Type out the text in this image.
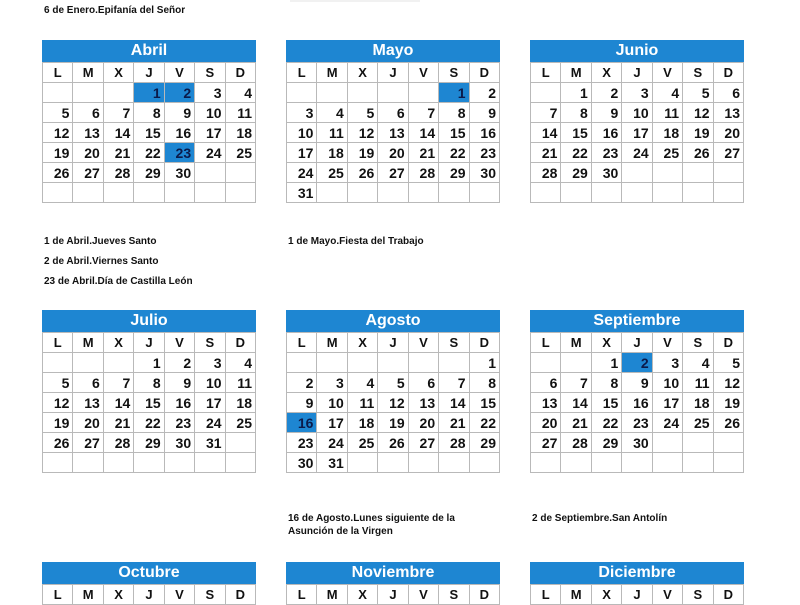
6 de Enero.Epifanía del Señor
Abril
L	M	X	J	V	S	D
			1	2	3	4
5	6	7	8	9	10	11
12	13	14	15	16	17	18
19	20	21	22	23	24	25
26	27	28	29	30		

Mayo
L	M	X	J	V	S	D
					1	2
3	4	5	6	7	8	9
10	11	12	13	14	15	16
17	18	19	20	21	22	23
24	25	26	27	28	29	30
31						
Junio
L	M	X	J	V	S	D
	1	2	3	4	5	6
7	8	9	10	11	12	13
14	15	16	17	18	19	20
21	22	23	24	25	26	27
28	29	30				

1 de Abril.Jueves Santo
2 de Abril.Viernes Santo
23 de Abril.Día de Castilla León
1 de Mayo.Fiesta del Trabajo
Julio
L	M	X	J	V	S	D
			1	2	3	4
5	6	7	8	9	10	11
12	13	14	15	16	17	18
19	20	21	22	23	24	25
26	27	28	29	30	31	

Agosto
L	M	X	J	V	S	D
						1
2	3	4	5	6	7	8
9	10	11	12	13	14	15
16	17	18	19	20	21	22
23	24	25	26	27	28	29
30	31					
Septiembre
L	M	X	J	V	S	D
		1	2	3	4	5
6	7	8	9	10	11	12
13	14	15	16	17	18	19
20	21	22	23	24	25	26
27	28	29	30			

16 de Agosto.Lunes siguiente de la
Asunción de la Virgen
2 de Septiembre.San Antolín
Octubre
L	M	X	J	V	S	D
Noviembre
L	M	X	J	V	S	D
Diciembre
L	M	X	J	V	S	D
